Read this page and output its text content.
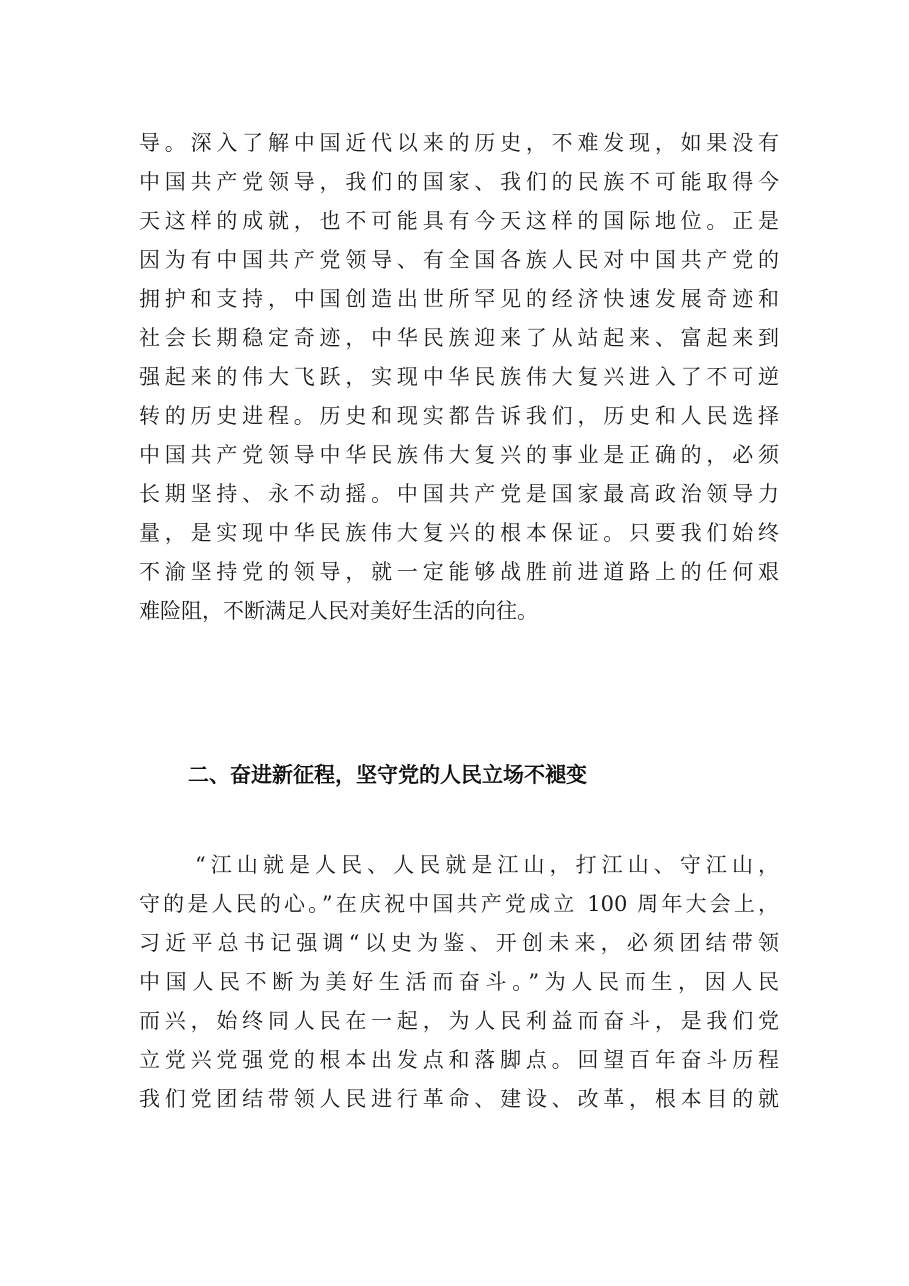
导。深入了解中国近代以来的历史，不难发现，如果没有
中国共产党领导，我们的国家、我们的民族不可能取得今
天这样的成就，也不可能具有今天这样的国际地位。正是
因为有中国共产党领导、有全国各族人民对中国共产党的
拥护和支持，中国创造出世所罕见的经济快速发展奇迹和
社会长期稳定奇迹，中华民族迎来了从站起来、富起来到
强起来的伟大飞跃，实现中华民族伟大复兴进入了不可逆
转的历史进程。历史和现实都告诉我们，历史和人民选择
中国共产党领导中华民族伟大复兴的事业是正确的，必须
长期坚持、永不动摇。中国共产党是国家最高政治领导力
量，是实现中华民族伟大复兴的根本保证。只要我们始终
不渝坚持党的领导，就一定能够战胜前进道路上的任何艰
难险阻，不断满足人民对美好生活的向往。
二、奋进新征程，坚守党的人民立场不褪变
“江山就是人民、人民就是江山，打江山、守江山，
守的是人民的心。”在庆祝中国共产党成立 100 周年大会上，
习近平总书记强调“以史为鉴、开创未来，必须团结带领
中国人民不断为美好生活而奋斗。”为人民而生，因人民
而兴，始终同人民在一起，为人民利益而奋斗，是我们党
立党兴党强党的根本出发点和落脚点。回望百年奋斗历程
我们党团结带领人民进行革命、建设、改革，根本目的就
